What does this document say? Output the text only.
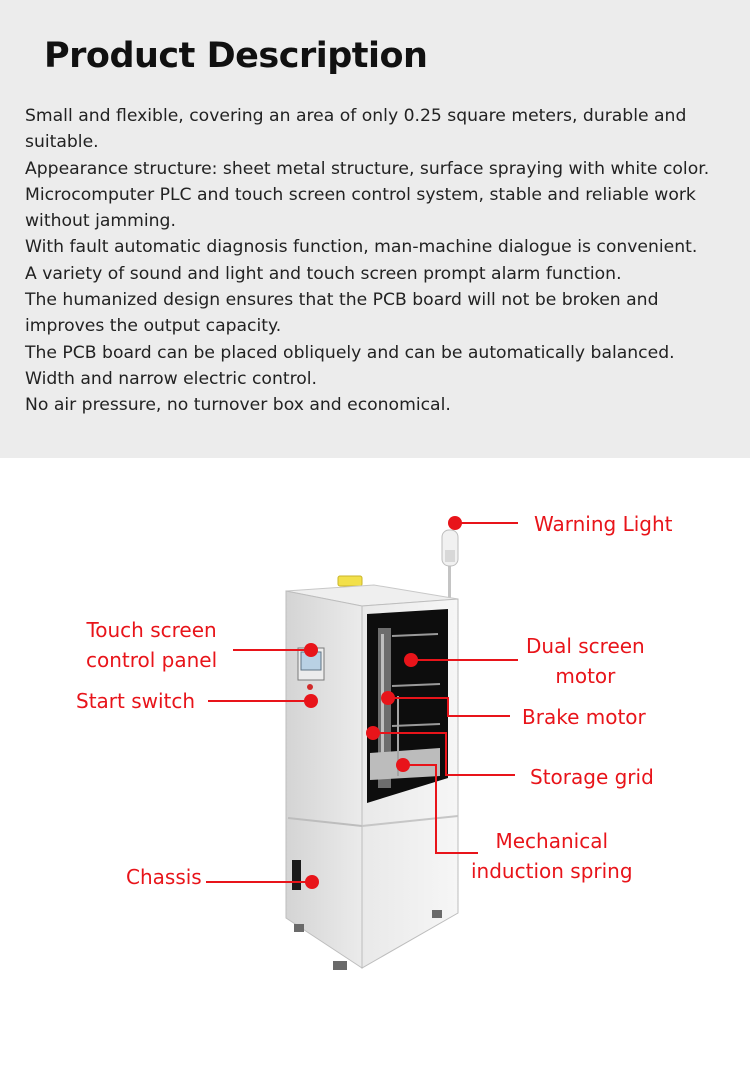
Product Description
Small and flexible, covering an area of only 0.25 square meters, durable and suitable.
Appearance structure: sheet metal structure, surface spraying with white color.
Microcomputer PLC and touch screen control system, stable and reliable work without jamming.
With fault automatic diagnosis function, man-machine dialogue is convenient.
A variety of sound and light and touch screen prompt alarm function.
The humanized design ensures that the PCB board will not be broken and improves the output capacity.
The PCB board can be placed obliquely and can be automatically balanced.
Width and narrow electric control.
No air pressure, no turnover box and economical.
Warning Light
Touch screen
control panel
Dual screen
motor
Start switch
Brake motor
Storage grid
Mechanical
induction spring
Chassis
